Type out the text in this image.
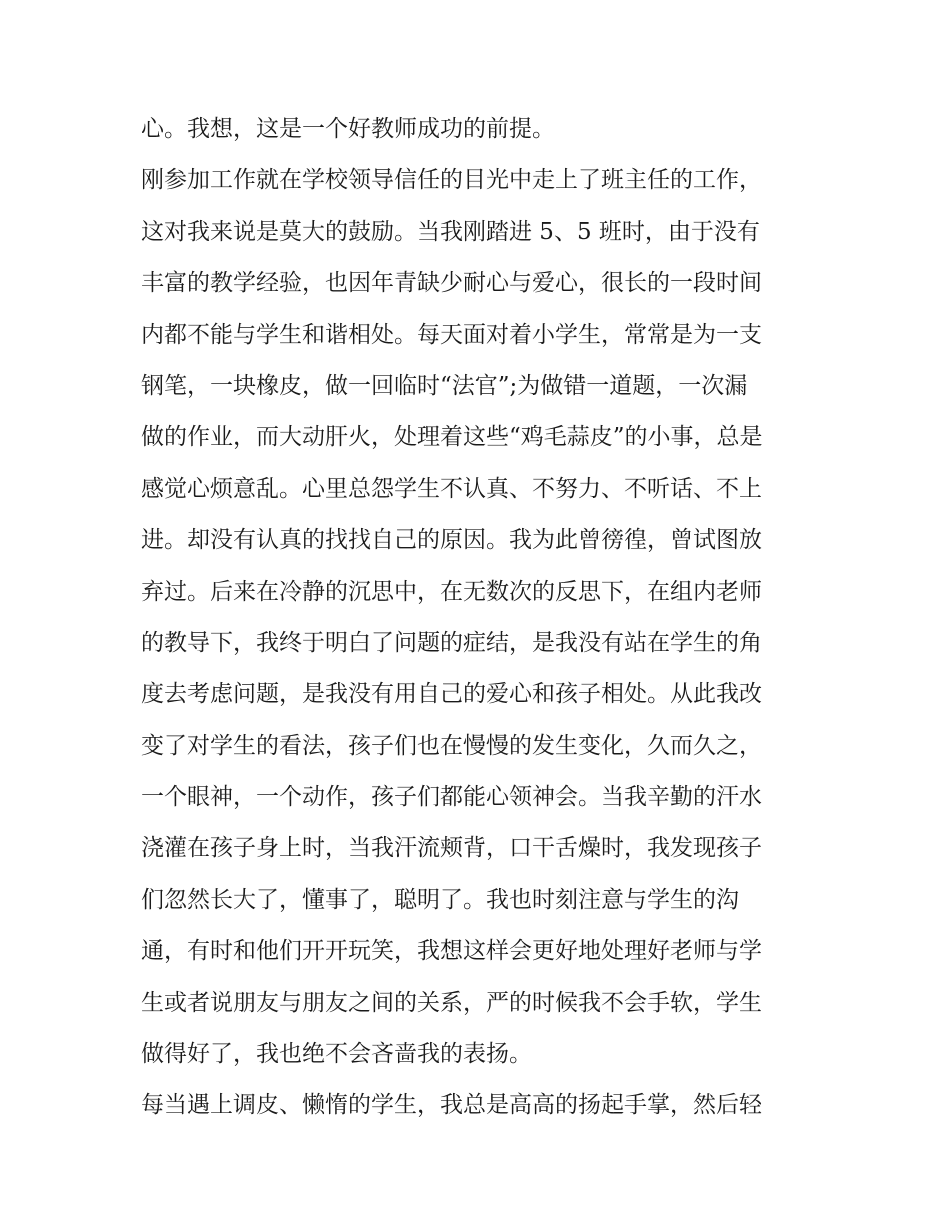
心。我想，这是一个好教师成功的前提。
刚参加工作就在学校领导信任的目光中走上了班主任的工作，
这对我来说是莫大的鼓励。当我刚踏进 5、5 班时，由于没有
丰富的教学经验，也因年青缺少耐心与爱心，很长的一段时间
内都不能与学生和谐相处。每天面对着小学生，常常是为一支
钢笔，一块橡皮，做一回临时“法官”;为做错一道题，一次漏
做的作业，而大动肝火，处理着这些“鸡毛蒜皮”的小事，总是
感觉心烦意乱。心里总怨学生不认真、不努力、不听话、不上
进。却没有认真的找找自己的原因。我为此曾徬徨，曾试图放
弃过。后来在冷静的沉思中，在无数次的反思下，在组内老师
的教导下，我终于明白了问题的症结，是我没有站在学生的角
度去考虑问题，是我没有用自己的爱心和孩子相处。从此我改
变了对学生的看法，孩子们也在慢慢的发生变化，久而久之，
一个眼神，一个动作，孩子们都能心领神会。当我辛勤的汗水
浇灌在孩子身上时，当我汗流颊背，口干舌燥时，我发现孩子
们忽然长大了，懂事了，聪明了。我也时刻注意与学生的沟
通，有时和他们开开玩笑，我想这样会更好地处理好老师与学
生或者说朋友与朋友之间的关系，严的时候我不会手软，学生
做得好了，我也绝不会吝啬我的表扬。
每当遇上调皮、懒惰的学生，我总是高高的扬起手掌，然后轻
